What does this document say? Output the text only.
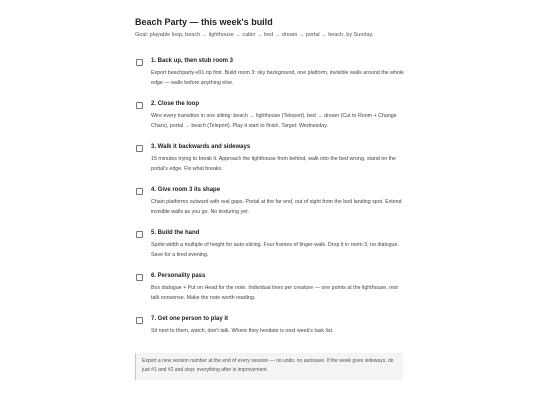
Beach Party — this week's build
Goal: playable loop, beach → lighthouse → cabin → bed → dream → portal → beach, by Sunday.
1. Back up, then stub room 3
Export beachparty-v01.rip first. Build room 3: sky background, one platform, invisible walls around the whole edge — walls before anything else.
2. Close the loop
Wire every transition in one sitting: beach → lighthouse (Teleport), bed → dream (Cut to Room + Change Chars), portal → beach (Teleport). Play it start to finish. Target: Wednesday.
3. Walk it backwards and sideways
15 minutes trying to break it. Approach the lighthouse from behind, walk into the bed wrong, stand on the portal's edge. Fix what breaks.
4. Give room 3 its shape
Chain platforms outward with real gaps. Portal at the far end, out of sight from the bed landing spot. Extend invisible walls as you go. No texturing yet.
5. Build the hand
Sprite width a multiple of height for auto-slicing. Four frames of finger-walk. Drop it in room 3, no dialogue. Save for a tired evening.
6. Personality pass
Box dialogue + Put on Head for the note. Individual lines per creature — one points at the lighthouse, rest talk nonsense. Make the note worth reading.
7. Get one person to play it
Sit next to them, watch, don't talk. Where they hesitate is next week's task list.
Export a new version number at the end of every session — no undo, no autosave. If the week goes sideways, do just #1 and #2 and stop; everything after is improvement.
